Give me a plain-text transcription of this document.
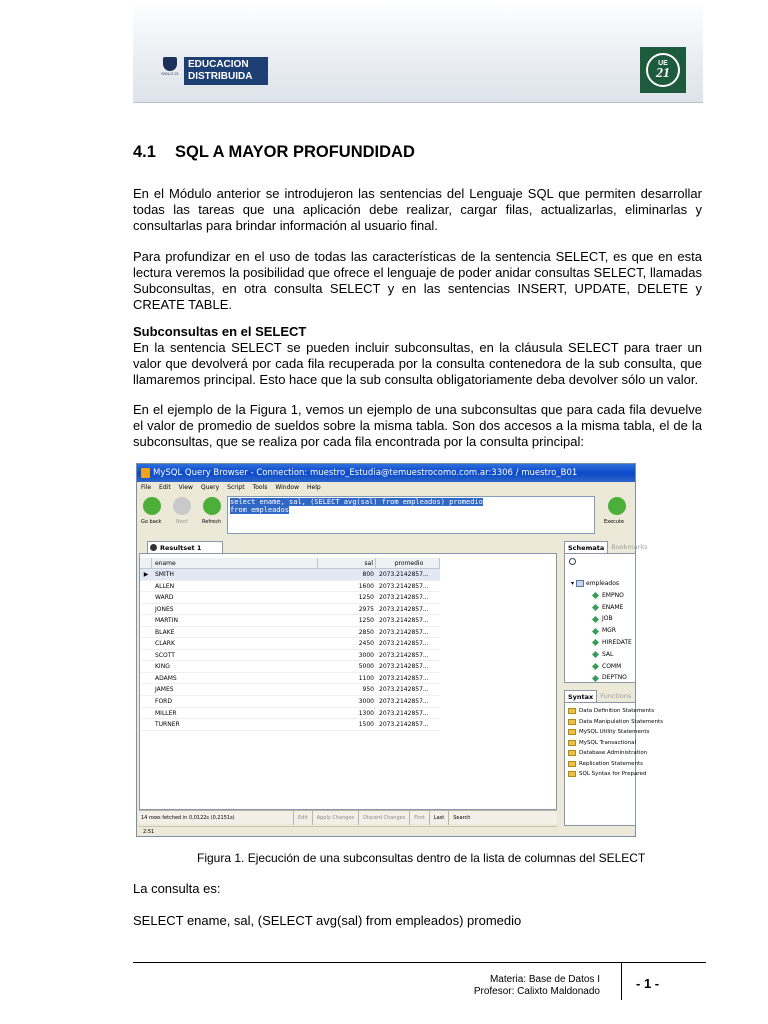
SIGLO 21
EDUCACION
DISTRIBUIDA
UE
21
4.1 SQL A MAYOR PROFUNDIDAD
En el Módulo anterior se introdujeron las sentencias del Lenguaje SQL que permiten desarrollar todas las tareas que una aplicación debe realizar, cargar filas, actualizarlas, eliminarlas y consultarlas para brindar información al usuario final.
Para profundizar en el uso de todas las características de la sentencia SELECT, es que en esta lectura veremos la posibilidad que ofrece el lenguaje de poder anidar consultas SELECT, llamadas Subconsultas, en otra consulta SELECT y en las sentencias INSERT, UPDATE, DELETE y CREATE TABLE.
Subconsultas en el SELECT
En la sentencia SELECT se pueden incluir subconsultas, en la cláusula SELECT para traer un valor que devolverá por cada fila recuperada por la consulta contenedora de la sub consulta, que llamaremos principal. Esto hace que la sub consulta obligatoriamente deba devolver sólo un valor.
En el ejemplo de la Figura 1, vemos un ejemplo de una subconsultas que para cada fila devuelve el valor de promedio de sueldos sobre la misma tabla. Son dos accesos a la misma tabla, el de la subconsultas, que se realiza por cada fila encontrada por la consulta principal:
MySQL Query Browser - Connection: muestro_Estudia@temuestrocomo.com.ar:3306 / muestro_B01
File Edit View Query Script Tools Window Help
Go back	Next	Refresh
select ename, sal, (SELECT avg(sal) from empleados) promedio
from empleados
Execute
Resultset 1
ename	sal	promedio
▶	SMITH	800 2073.2142857...
ALLEN	1600 2073.2142857...
WARD	1250 2073.2142857...
JONES	2975 2073.2142857...
MARTIN	1250 2073.2142857...
BLAKE	2850 2073.2142857...
CLARK	2450 2073.2142857...
SCOTT	3000 2073.2142857...
KING	5000 2073.2142857...
ADAMS	1100 2073.2142857...
JAMES	950 2073.2142857...
FORD	3000 2073.2142857...
MILLER	1300 2073.2142857...
TURNER	1500 2073.2142857...
14 rows fetched in 0,0122s (0,2151s)	Edit	Apply Changes	Discard Changes	First	Last	Search
2:51
Schemata	Bookmarks
▾ empleados
EMPNO
ENAME
JOB
MGR
HIREDATE
SAL
COMM
DEPTNO
Syntax	Functions
Data Definition Statements
Data Manipulation Statements
MySQL Utility Statements
MySQL Transactional
Database Administration
Replication Statements
SQL Syntax for Prepared
Figura 1. Ejecución de una subconsultas dentro de la lista de columnas del SELECT
La consulta es:
SELECT ename, sal, (SELECT avg(sal) from empleados) promedio
Materia: Base de Datos I
Profesor: Calixto Maldonado
- 1 -
